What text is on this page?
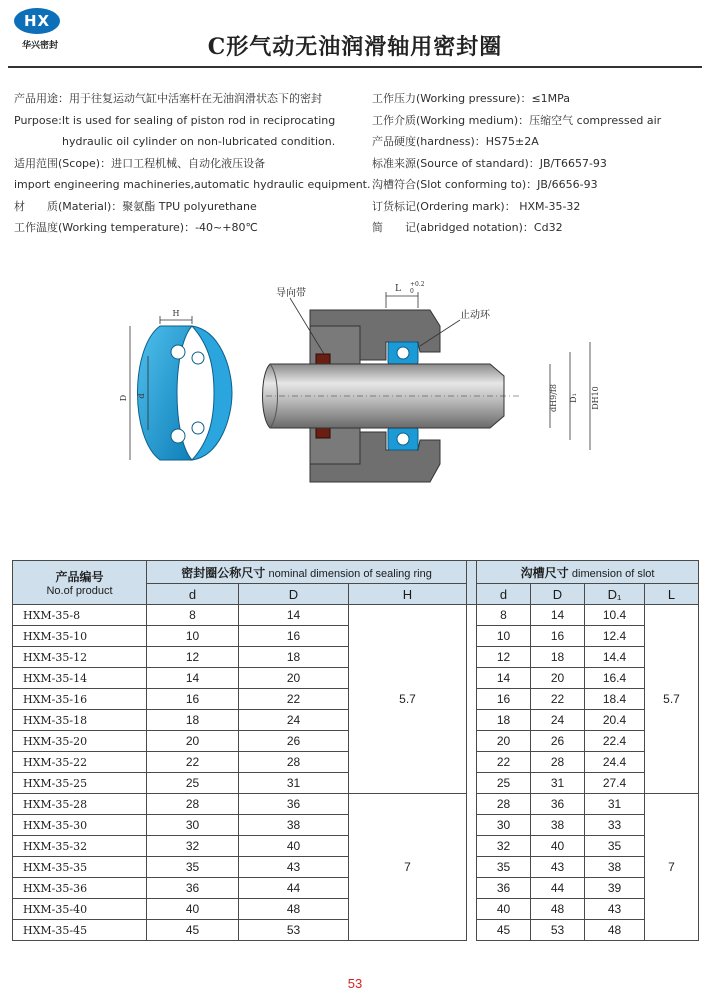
HX
华兴密封	C形气动无油润滑轴用密封圈
产品用途：用于往复运动气缸中活塞杆在无油润滑状态下的密封
Purpose:It is used for sealing of piston rod in reciprocating
hydraulic oil cylinder on non-lubricated condition.
适用范围(Scope)：进口工程机械、自动化液压设备
import engineering machineries,automatic hydraulic equipment.
材　　质(Material)：聚氨酯 TPU polyurethane
工作温度(Working temperature)：-40~+80℃
工作压力(Working pressure)：≤1MPa
工作介质(Working medium)：压缩空气 compressed air
产品硬度(hardness)：HS75±2A
标准来源(Source of standard)：JB/T6657-93
沟槽符合(Slot conforming to)：JB/6656-93
订货标记(Ordering mark)： HXM-35-32
简　　记(abridged notation)：Cd32
H
D d
L +0.2
0
导向带
止动环
dH9/f8 D₁ DH10
产品编号
No.of product	密封圈公称尺寸 nominal dimension of sealing ring				沟槽尺寸 dimension of slot			
	d	D	H		d	D	D₁	L
HXM-35-8	8	14	5.7		8	14	10.4	5.7
HXM-35-10	10	16			10	16	12.4	
HXM-35-12	12	18			12	18	14.4	
HXM-35-14	14	20			14	20	16.4	
HXM-35-16	16	22			16	22	18.4	
HXM-35-18	18	24			18	24	20.4	
HXM-35-20	20	26			20	26	22.4	
HXM-35-22	22	28			22	28	24.4	
HXM-35-25	25	31			25	31	27.4	
HXM-35-28	28	36	7		28	36	31	7
HXM-35-30	30	38			30	38	33	
HXM-35-32	32	40			32	40	35	
HXM-35-35	35	43			35	43	38	
HXM-35-36	36	44			36	44	39	
HXM-35-40	40	48			40	48	43	
HXM-35-45	45	53			45	53	48	
53
